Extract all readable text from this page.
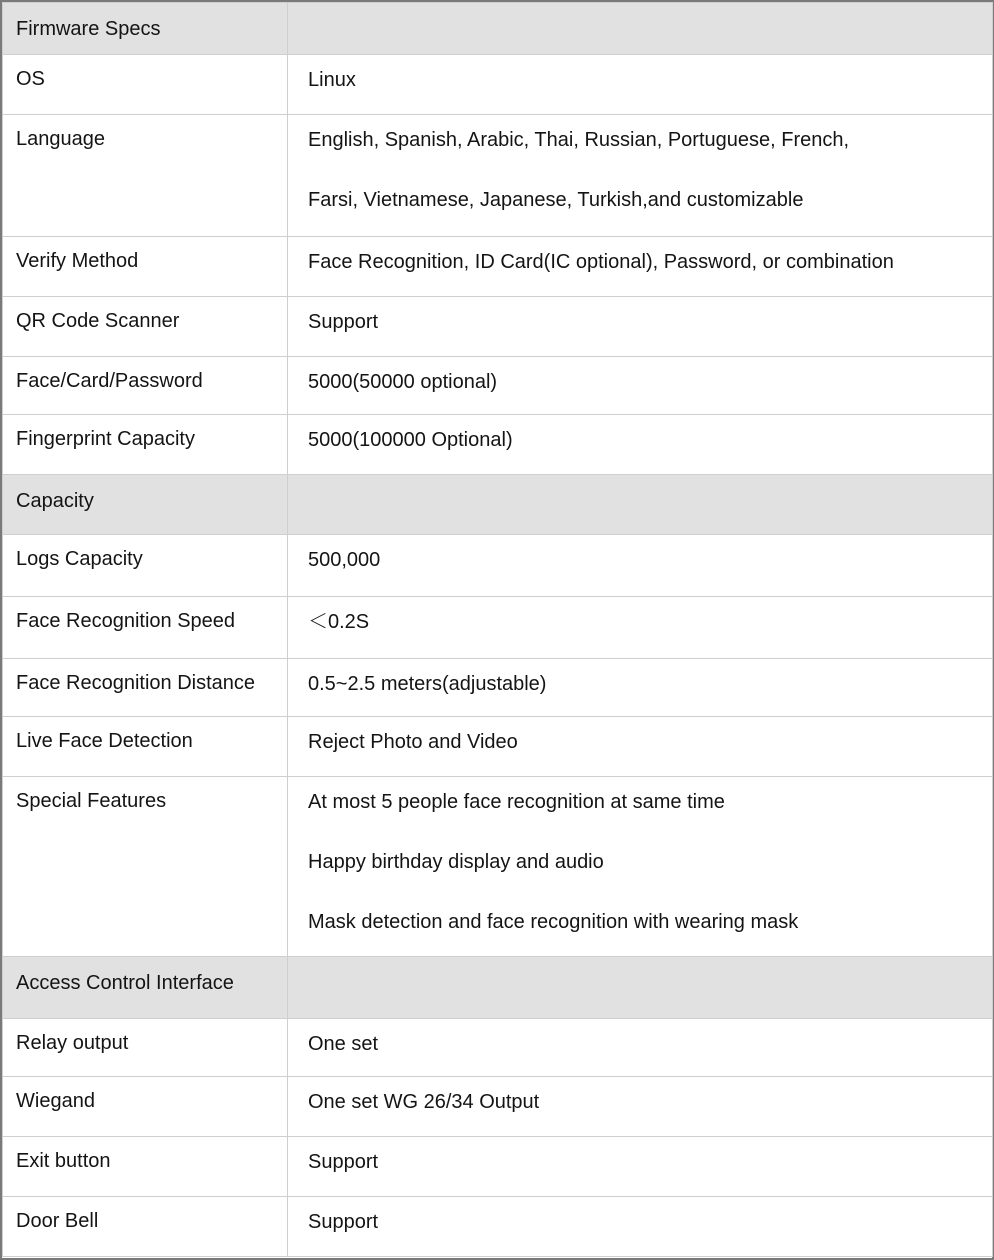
Firmware Specs	

OS	Linux

Language	English, Spanish, Arabic, Thai, Russian, Portuguese, French,
Farsi, Vietnamese, Japanese, Turkish,and customizable

Verify Method	Face Recognition, ID Card(IC optional), Password, or combination

QR Code Scanner	Support

Face/Card/Password	5000(50000 optional)

Fingerprint Capacity	5000(100000 Optional)

Capacity	

Logs Capacity	500,000

Face Recognition Speed	＜0.2S

Face Recognition Distance	0.5~2.5 meters(adjustable)

Live Face Detection	Reject Photo and Video

Special Features	At most 5 people face recognition at same time
Happy birthday display and audio
Mask detection and face recognition with wearing mask

Access Control Interface	

Relay output	One set

Wiegand	One set WG 26/34 Output

Exit button	Support

Door Bell	Support
